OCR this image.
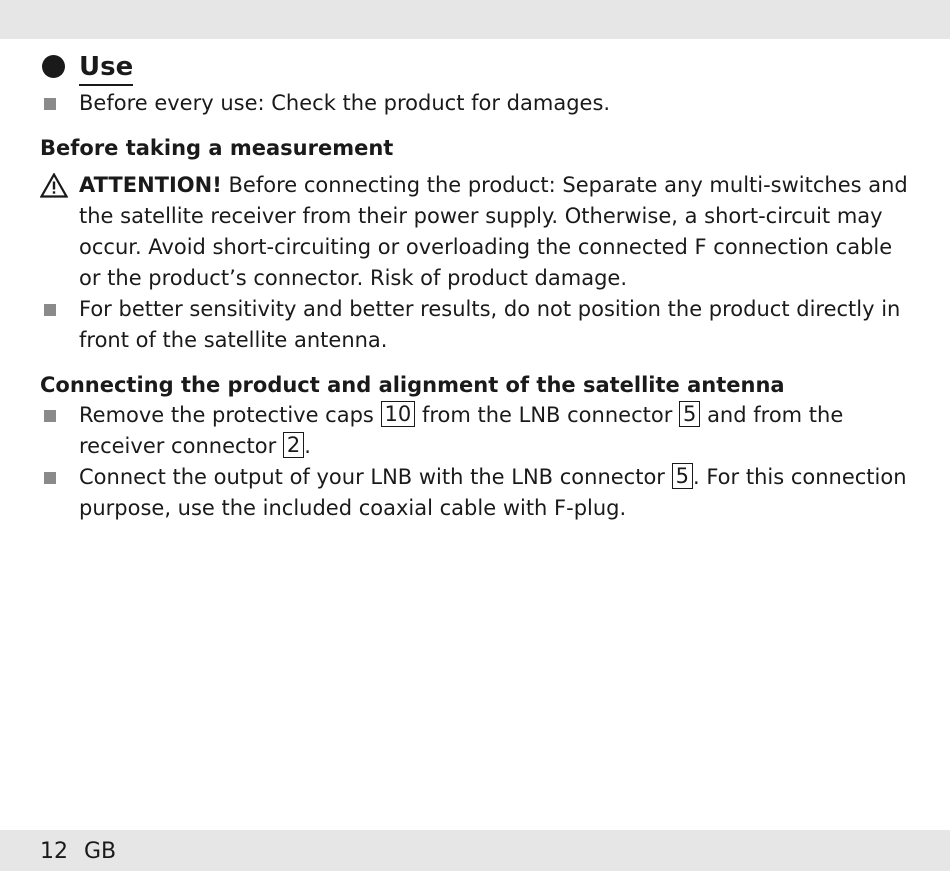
Use
Before every use: Check the product for damages.
Before taking a measurement
ATTENTION! Before connecting the product: Separate any multi-switches and the satellite receiver from their power supply. Otherwise, a short-circuit may occur. Avoid short-circuiting or overloading the connected F connection cable or the product’s connector. Risk of product damage.
For better sensitivity and better results, do not position the product directly in front of the satellite antenna.
Connecting the product and alignment of the satellite antenna
Remove the protective caps 10 from the LNB connector 5 and from the receiver connector 2 .
Connect the output of your LNB with the LNB connector 5 . For this connection purpose, use the included coaxial cable with F-plug.
12 GB
